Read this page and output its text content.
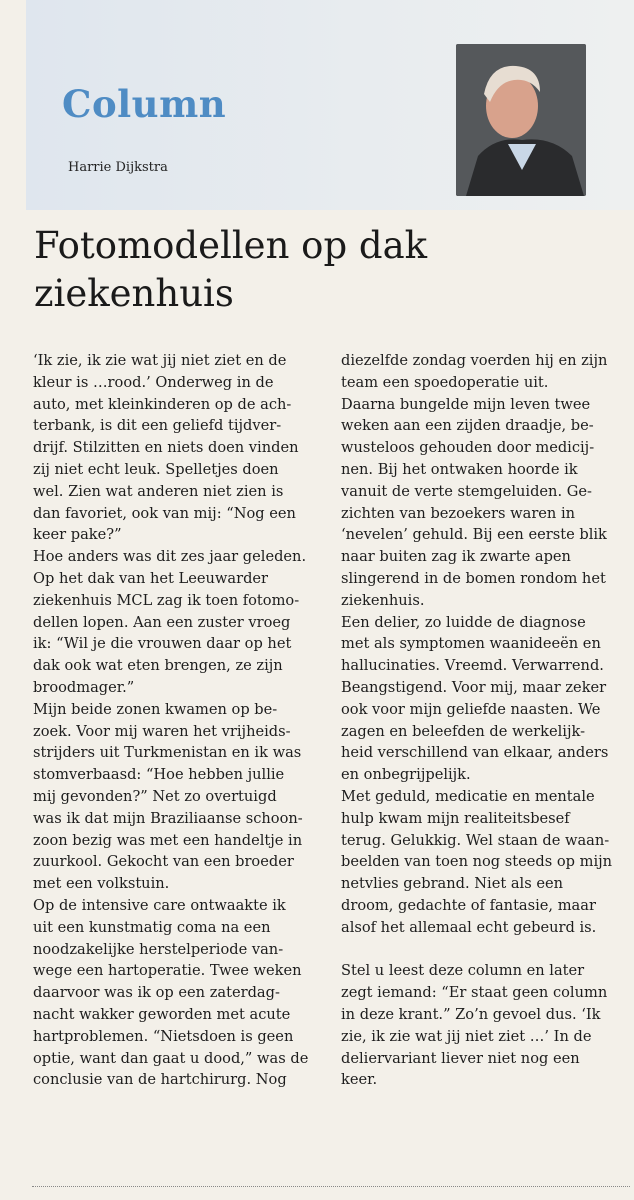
Column
Harrie Dijkstra
Fotomodellen op dak
ziekenhuis
‘Ik zie, ik zie wat jij niet ziet en de
kleur is …rood.’ Onderweg in de
auto, met kleinkinderen op de ach-
terbank, is dit een geliefd tijdver-
drijf. Stilzitten en niets doen vinden
zij niet echt leuk. Spelletjes doen
wel. Zien wat anderen niet zien is
dan favoriet, ook van mij: “Nog een
keer pake?”
Hoe anders was dit zes jaar geleden.
Op het dak van het Leeuwarder
ziekenhuis MCL zag ik toen fotomo-
dellen lopen. Aan een zuster vroeg
ik: “Wil je die vrouwen daar op het
dak ook wat eten brengen, ze zijn
broodmager.”
Mijn beide zonen kwamen op be-
zoek. Voor mij waren het vrijheids-
strijders uit Turkmenistan en ik was
stomverbaasd: “Hoe hebben jullie
mij gevonden?” Net zo overtuigd
was ik dat mijn Braziliaanse schoon-
zoon bezig was met een handeltje in
zuurkool. Gekocht van een broeder
met een volkstuin.
Op de intensive care ontwaakte ik
uit een kunstmatig coma na een
noodzakelijke herstelperiode van-
wege een hartoperatie. Twee weken
daarvoor was ik op een zaterdag-
nacht wakker geworden met acute
hartproblemen. “Nietsdoen is geen
optie, want dan gaat u dood,” was de
conclusie van de hartchirurg. Nog
diezelfde zondag voerden hij en zijn
team een spoedoperatie uit.
Daarna bungelde mijn leven twee
weken aan een zijden draadje, be-
wusteloos gehouden door medicij-
nen. Bij het ontwaken hoorde ik
vanuit de verte stemgeluiden. Ge-
zichten van bezoekers waren in
‘nevelen’ gehuld. Bij een eerste blik
naar buiten zag ik zwarte apen
slingerend in de bomen rondom het
ziekenhuis.
Een delier, zo luidde de diagnose
met als symptomen waanideeën en
hallucinaties. Vreemd. Verwarrend.
Beangstigend. Voor mij, maar zeker
ook voor mijn geliefde naasten. We
zagen en beleefden de werkelijk-
heid verschillend van elkaar, anders
en onbegrijpelijk.
Met geduld, medicatie en mentale
hulp kwam mijn realiteitsbesef
terug. Gelukkig. Wel staan de waan-
beelden van toen nog steeds op mijn
netvlies gebrand. Niet als een
droom, gedachte of fantasie, maar
alsof het allemaal echt gebeurd is.
Stel u leest deze column en later
zegt iemand: “Er staat geen column
in deze krant.” Zo’n gevoel dus. ‘Ik
zie, ik zie wat jij niet ziet …’ In de
deliervariant liever niet nog een
keer.
